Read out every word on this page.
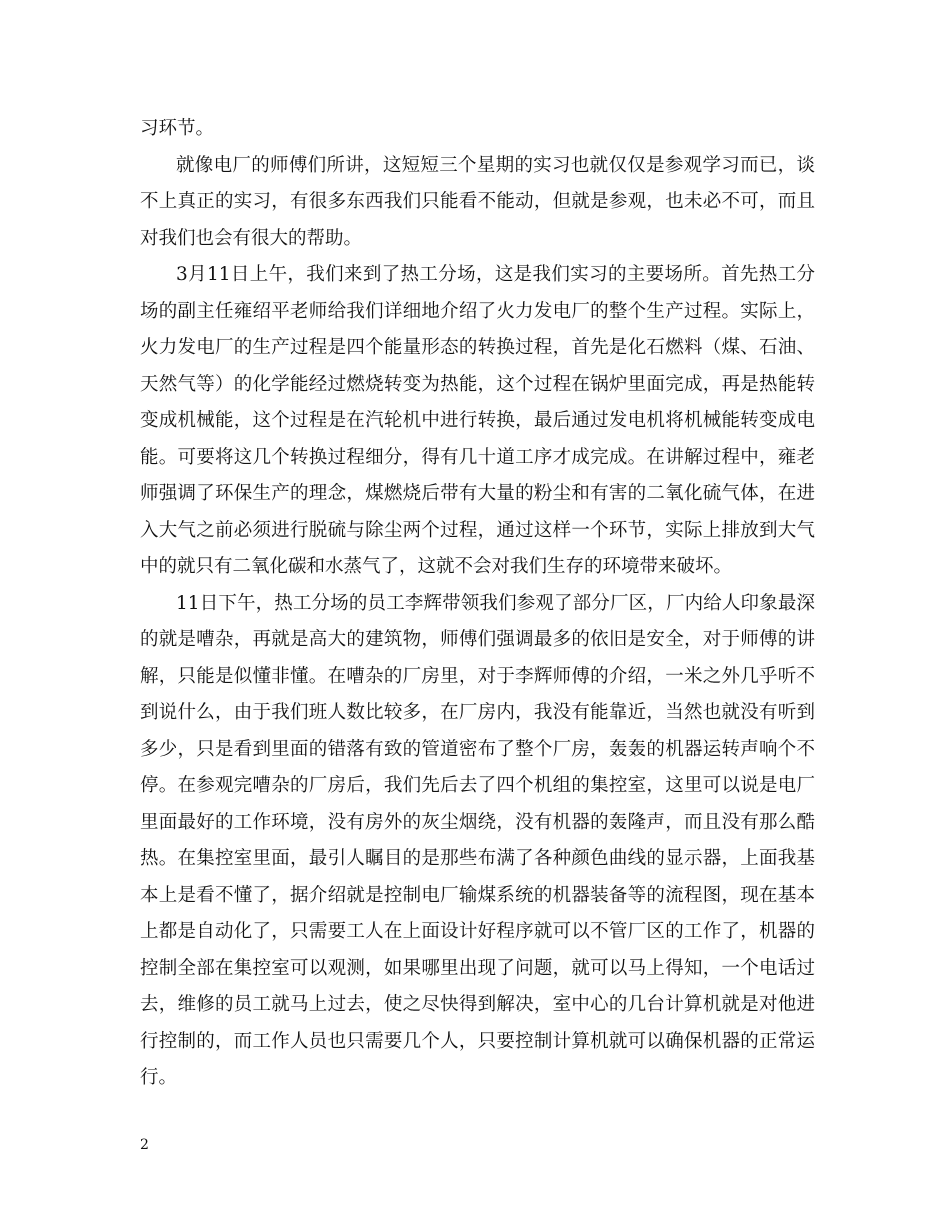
习环节。

就像电厂的师傅们所讲，这短短三个星期的实习也就仅仅是参观学习而已，谈不上真正的实习，有很多东西我们只能看不能动，但就是参观，也未必不可，而且对我们也会有很大的帮助。

3月11日上午，我们来到了热工分场，这是我们实习的主要场所。首先热工分场的副主任雍绍平老师给我们详细地介绍了火力发电厂的整个生产过程。实际上，火力发电厂的生产过程是四个能量形态的转换过程，首先是化石燃料（煤、石油、天然气等）的化学能经过燃烧转变为热能，这个过程在锅炉里面完成，再是热能转变成机械能，这个过程是在汽轮机中进行转换，最后通过发电机将机械能转变成电能。可要将这几个转换过程细分，得有几十道工序才成完成。在讲解过程中，雍老师强调了环保生产的理念，煤燃烧后带有大量的粉尘和有害的二氧化硫气体，在进入大气之前必须进行脱硫与除尘两个过程，通过这样一个环节，实际上排放到大气中的就只有二氧化碳和水蒸气了，这就不会对我们生存的环境带来破坏。

11日下午，热工分场的员工李辉带领我们参观了部分厂区，厂内给人印象最深的就是嘈杂，再就是高大的建筑物，师傅们强调最多的依旧是安全，对于师傅的讲解，只能是似懂非懂。在嘈杂的厂房里，对于李辉师傅的介绍，一米之外几乎听不到说什么，由于我们班人数比较多，在厂房内，我没有能靠近，当然也就没有听到多少，只是看到里面的错落有致的管道密布了整个厂房，轰轰的机器运转声响个不停。在参观完嘈杂的厂房后，我们先后去了四个机组的集控室，这里可以说是电厂里面最好的工作环境，没有房外的灰尘烟绕，没有机器的轰隆声，而且没有那么酷热。在集控室里面，最引人瞩目的是那些布满了各种颜色曲线的显示器，上面我基本上是看不懂了，据介绍就是控制电厂输煤系统的机器装备等的流程图，现在基本上都是自动化了，只需要工人在上面设计好程序就可以不管厂区的工作了，机器的控制全部在集控室可以观测，如果哪里出现了问题，就可以马上得知，一个电话过去，维修的员工就马上过去，使之尽快得到解决，室中心的几台计算机就是对他进行控制的，而工作人员也只需要几个人，只要控制计算机就可以确保机器的正常运行。

2
